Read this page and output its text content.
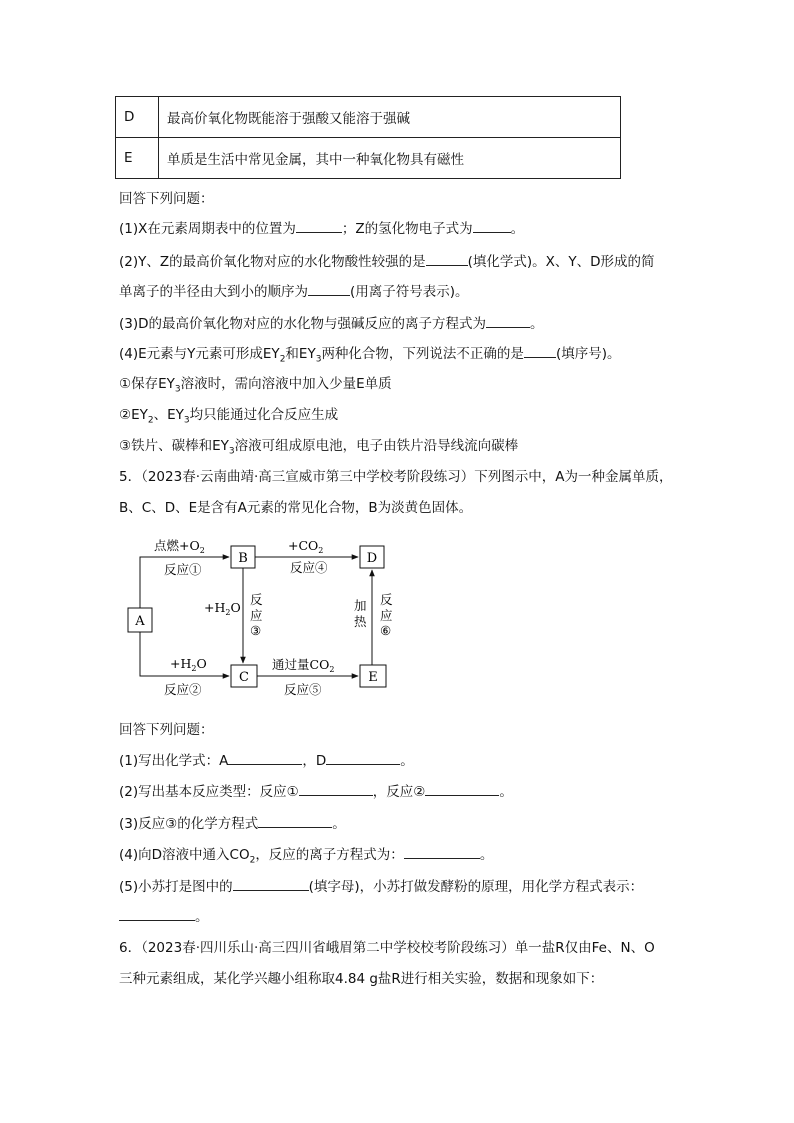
D	最高价氧化物既能溶于强酸又能溶于强碱
E	单质是生活中常见金属，其中一种氧化物具有磁性
回答下列问题：
(1)X在元素周期表中的位置为	；Z的氢化物电子式为	。
(2)Y、Z的最高价氧化物对应的水化物酸性较强的是	(填化学式)。X、Y、D形成的简
单离子的半径由大到小的顺序为	(用离子符号表示)。
(3)D的最高价氧化物对应的水化物与强碱反应的离子方程式为	。
(4)E元素与Y元素可形成$EY_2$和$EY_3$两种化合物，下列说法不正确的是 (填序号)。
①保存$EY_3$溶液时，需向溶液中加入少量E单质
$②EY_2$、$EY_3$均只能通过化合反应生成
③铁片、碳棒和$EY_3$溶液可组成原电池，电子由铁片沿导线流向碳棒
5．（2023春·云南曲靖·高三宣威市第三中学校考阶段练习）下列图示中，A为一种金属单质，
B、C、D、E是含有A元素的常见化合物，B为淡黄色固体。
A
B	D
C	E
点燃$+O_2$
反应①
$+CO_2$
反应④
$+H_2O$
反
应
③
加
热
反
应
⑥
$+H_2O$
反应②
通过量$CO_2$
反应⑤
回答下列问题：
(1)写出化学式：A	，D	。
(2)写出基本反应类型：反应①	，反应②	。
(3)反应③的化学方程式	。
(4)向D溶液中通入$CO_2$，反应的离子方程式为：	。
(5)小苏打是图中的	(填字母)，小苏打做发酵粉的原理，用化学方程式表示：
。
6．（2023春·四川乐山·高三四川省峨眉第二中学校校考阶段练习）单一盐R仅由Fe、N、O
三种元素组成，某化学兴趣小组称取4.84 g盐R进行相关实验，数据和现象如下：
